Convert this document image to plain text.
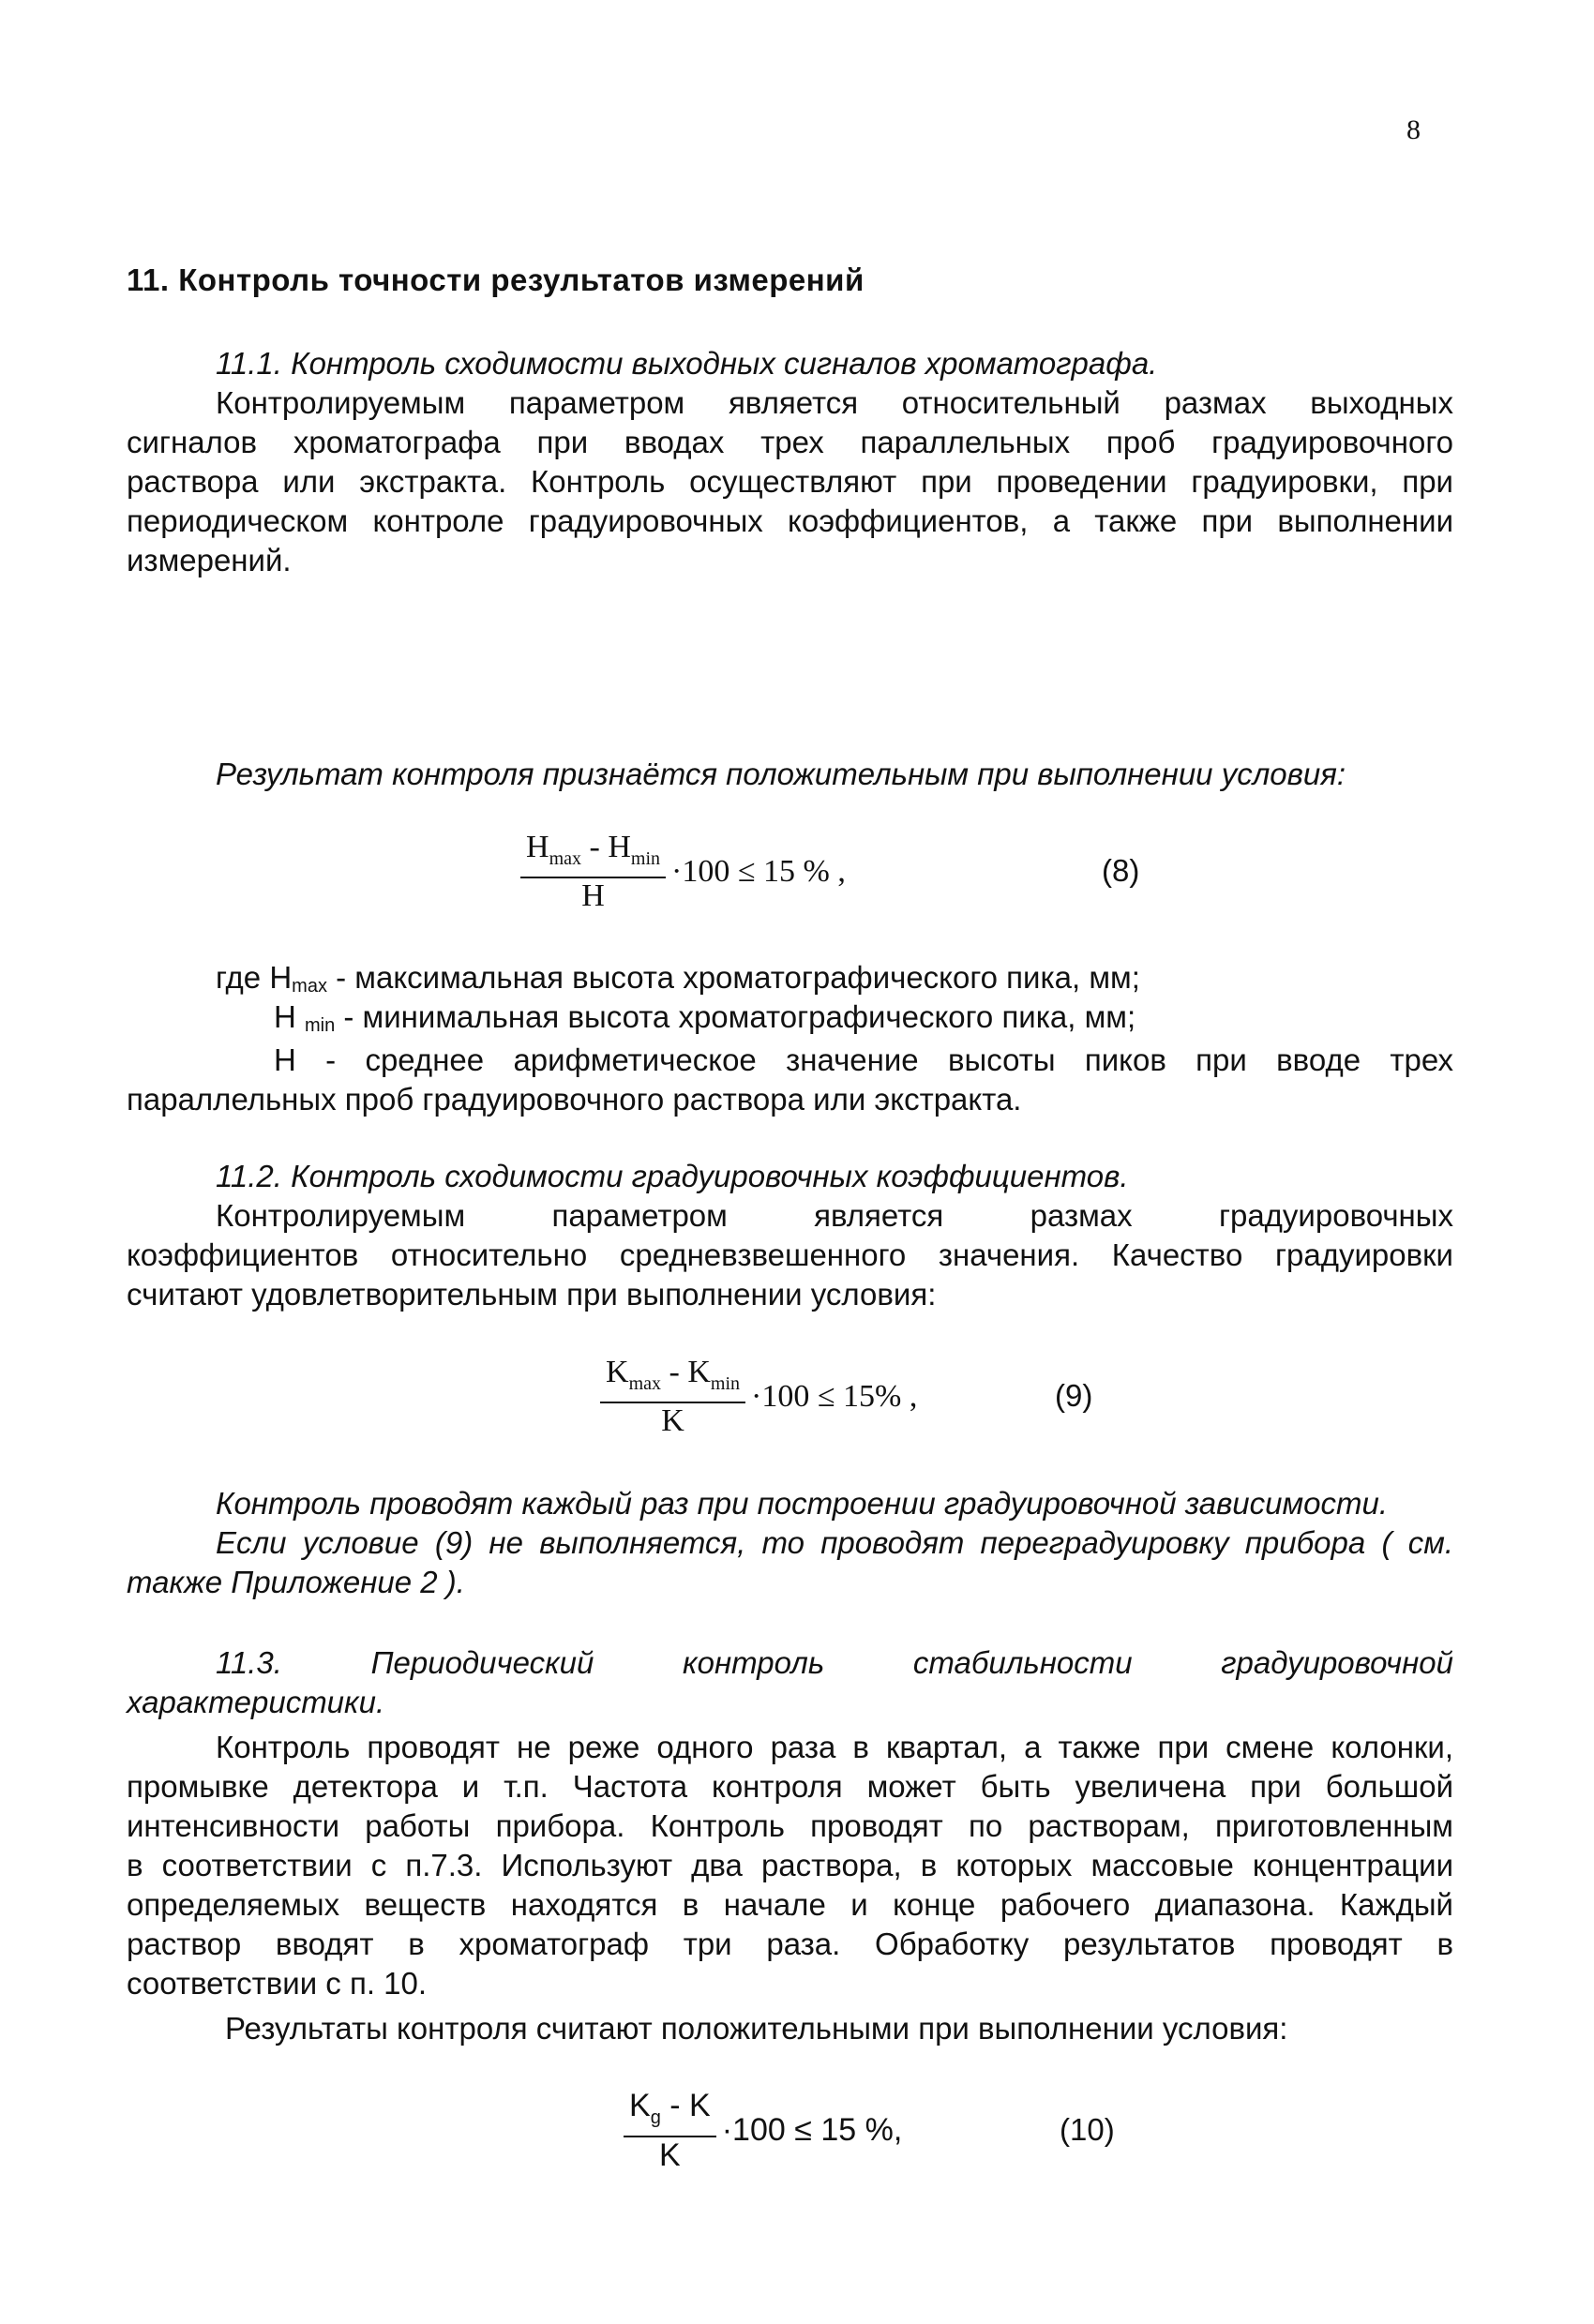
8
11. Контроль точности результатов измерений
11.1. Контроль сходимости выходных сигналов хроматографа.
Контролируемым параметром является относительный размах выходных
сигналов хроматографа при вводах трех параллельных проб градуировочного
раствора или экстракта. Контроль осуществляют при проведении градуировки, при
периодическом контроле градуировочных коэффициентов, а также при выполнении
измерений.
Результат контроля признаётся положительным при выполнении условия:
$\frac{H_{max} - H_{min}}{H} \cdot 100 \le 15$ % ,	(8)
где $H_{max}$ - максимальная высота хроматографического пика, мм;
H $_{min}$ - минимальная высота хроматографического пика, мм;
H - среднее арифметическое значение высоты пиков при вводе трех
параллельных проб градуировочного раствора или экстракта.
11.2. Контроль сходимости градуировочных коэффициентов.
Контролируемым параметром является размах градуировочных
коэффициентов относительно средневзвешенного значения. Качество градуировки
считают удовлетворительным при выполнении условия:
$\frac{K_{max} - K_{min}}{K} \cdot 100 \le 15\%$ ,	(9)
Контроль проводят каждый раз при построении градуировочной зависимости.
Если условие (9) не выполняется, то проводят переградуировку прибора ( см.
также Приложение 2 ).
11.3.	Периодический	контроль	стабильности	градуировочной
характеристики.
Контроль проводят не реже одного раза в квартал, а также при смене колонки,
промывке детектора и т.п. Частота контроля может быть увеличена при большой
интенсивности работы прибора. Контроль проводят по растворам, приготовленным
в соответствии с п.7.3. Используют два раствора, в которых массовые концентрации
определяемых веществ находятся в начале и конце рабочего диапазона. Каждый
раствор вводят в хроматограф три раза. Обработку результатов проводят в
соответствии с п. 10.
Результаты контроля считают положительными при выполнении условия:
$\frac{K_g - K}{K} \cdot 100 \le 15$ %,	(10)
